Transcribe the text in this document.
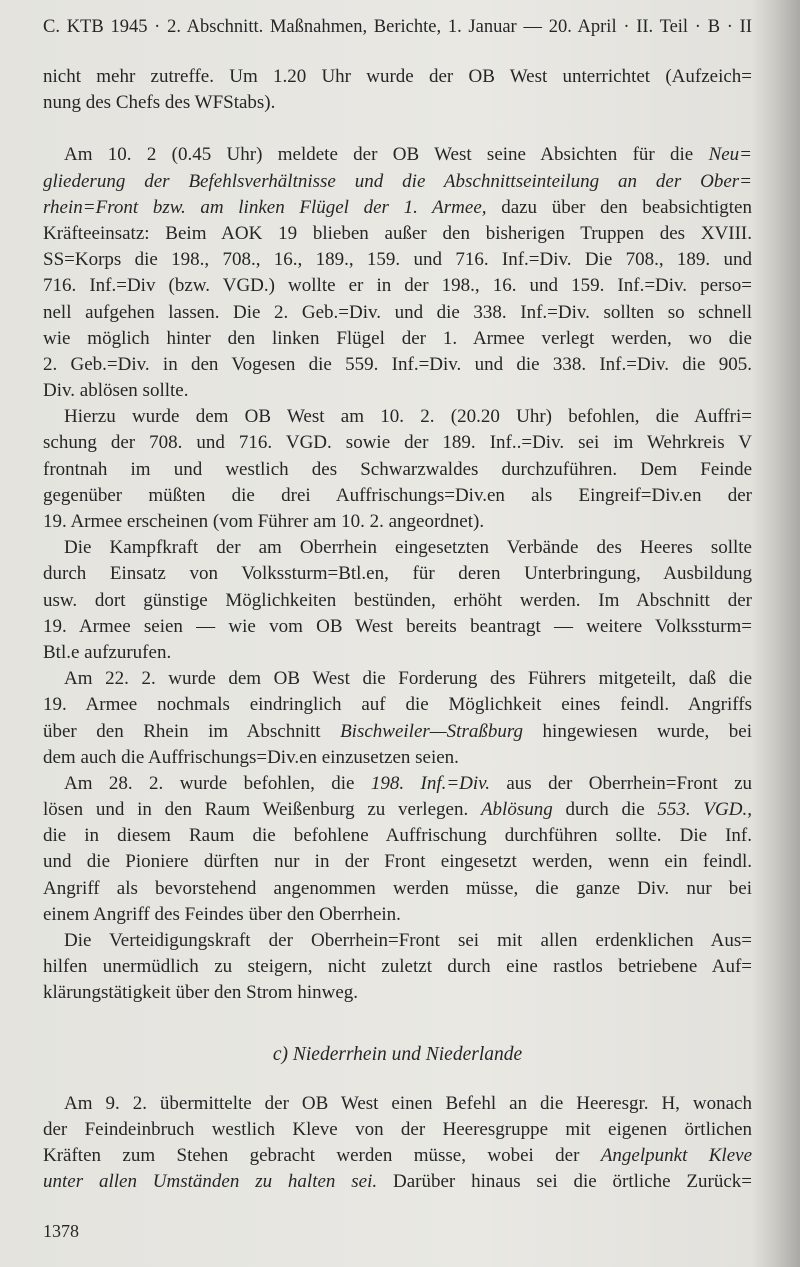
C. KTB 1945 · 2. Abschnitt. Maßnahmen, Berichte, 1. Januar — 20. April · II. Teil · B · II
nicht mehr zutreffe. Um 1.20 Uhr wurde der OB West unterrichtet (Aufzeich=
nung des Chefs des WFStabs).
Am 10. 2 (0.45 Uhr) meldete der OB West seine Absichten für die Neu=
gliederung der Befehlsverhältnisse und die Abschnittseinteilung an der Ober=
rhein=Front bzw. am linken Flügel der 1. Armee, dazu über den beabsichtigten
Kräfteeinsatz: Beim AOK 19 blieben außer den bisherigen Truppen des XVIII.
SS=Korps die 198., 708., 16., 189., 159. und 716. Inf.=Div. Die 708., 189. und
716. Inf.=Div (bzw. VGD.) wollte er in der 198., 16. und 159. Inf.=Div. perso=
nell aufgehen lassen. Die 2. Geb.=Div. und die 338. Inf.=Div. sollten so schnell
wie möglich hinter den linken Flügel der 1. Armee verlegt werden, wo die
2. Geb.=Div. in den Vogesen die 559. Inf.=Div. und die 338. Inf.=Div. die 905.
Div. ablösen sollte.
Hierzu wurde dem OB West am 10. 2. (20.20 Uhr) befohlen, die Auffri=
schung der 708. und 716. VGD. sowie der 189. Inf..=Div. sei im Wehrkreis V
frontnah im und westlich des Schwarzwaldes durchzuführen. Dem Feinde
gegenüber müßten die drei Auffrischungs=Div.en als Eingreif=Div.en der
19. Armee erscheinen (vom Führer am 10. 2. angeordnet).
Die Kampfkraft der am Oberrhein eingesetzten Verbände des Heeres sollte
durch Einsatz von Volkssturm=Btl.en, für deren Unterbringung, Ausbildung
usw. dort günstige Möglichkeiten bestünden, erhöht werden. Im Abschnitt der
19. Armee seien — wie vom OB West bereits beantragt — weitere Volkssturm=
Btl.e aufzurufen.
Am 22. 2. wurde dem OB West die Forderung des Führers mitgeteilt, daß die
19. Armee nochmals eindringlich auf die Möglichkeit eines feindl. Angriffs
über den Rhein im Abschnitt Bischweiler—Straßburg hingewiesen wurde, bei
dem auch die Auffrischungs=Div.en einzusetzen seien.
Am 28. 2. wurde befohlen, die 198. Inf.=Div. aus der Oberrhein=Front zu
lösen und in den Raum Weißenburg zu verlegen. Ablösung durch die 553. VGD.,
die in diesem Raum die befohlene Auffrischung durchführen sollte. Die Inf.
und die Pioniere dürften nur in der Front eingesetzt werden, wenn ein feindl.
Angriff als bevorstehend angenommen werden müsse, die ganze Div. nur bei
einem Angriff des Feindes über den Oberrhein.
Die Verteidigungskraft der Oberrhein=Front sei mit allen erdenklichen Aus=
hilfen unermüdlich zu steigern, nicht zuletzt durch eine rastlos betriebene Auf=
klärungstätigkeit über den Strom hinweg.
c) Niederrhein und Niederlande
Am 9. 2. übermittelte der OB West einen Befehl an die Heeresgr. H, wonach
der Feindeinbruch westlich Kleve von der Heeresgruppe mit eigenen örtlichen
Kräften zum Stehen gebracht werden müsse, wobei der Angelpunkt Kleve
unter allen Umständen zu halten sei. Darüber hinaus sei die örtliche Zurück=
1378
